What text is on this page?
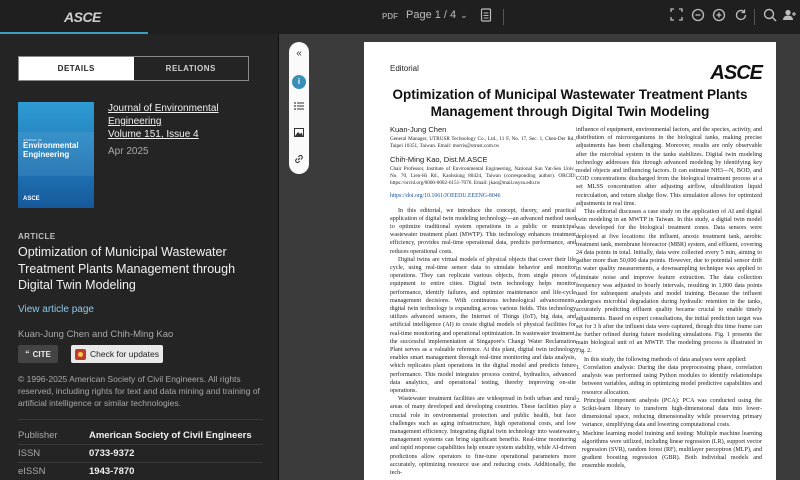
ASCE	PDF Page 1 / 4 ⌄
DETAILS	RELATIONS
JOURNAL OF
Environmental
Engineering
ASCE
Journal of Environmental
Engineering
Volume 151, Issue 4
Apr 2025
ARTICLE
Optimization of Municipal Wastewater Treatment Plants Management through Digital Twin Modeling
View article page
Kuan-Jung Chen and Chih-Ming Kao
“ CITE	Check for updates
© 1996-2025 American Society of Civil Engineers. All rights reserved, including rights for text and data mining and training of artificial intelligence or similar technologies.
Publisher	American Society of Civil Engineers
ISSN	0733-9372
eISSN	1943-7870
«
i
Editorial	ASCE
Optimization of Municipal Wastewater Treatment Plants Management through Digital Twin Modeling
Kuan-Jung Chen
General Manager, UTRUSR Technology Co., Ltd., 11 F, No. 17, Sec. 1, Chen-Der Rd., Taipei 10351, Taiwan. Email: morris@utrust.com.tw
Chih-Ming Kao, Dist.M.ASCE
Chair Professor, Institute of Environmental Engineering, National Sun Yat-Sen Univ., No. 70, Lien-Hi Rd., Kaohsiung 80424, Taiwan (corresponding author). ORCID: https://orcid.org/0000-0002-6151-7076. Email: jkao@mail.nsysu.edu.tw
https://doi.org/10.1061/JOEEDU.EEENG-8046

In this editorial, we introduce the concept, theory, and practical application of digital twin modeling technology—an advanced method used to optimize traditional system operations in a public or municipal wastewater treatment plant (MWTP). This technology enhances treatment efficiency, provides real-time operational data, predicts performance, and reduces operational costs.

Digital twins are virtual models of physical objects that cover their life cycle, using real-time sensor data to simulate behavior and monitor operations. They can replicate various objects, from single pieces of equipment to entire cities. Digital twin technology helps monitor performance, identify failures, and optimize maintenance and life-cycle management decisions. With continuous technological advancements, digital twin technology is expanding across various fields. This technology utilizes advanced sensors, the Internet of Things (IoT), big data, and artificial intelligence (AI) to create digital models of physical facilities for real-time monitoring and operational optimization. In wastewater treatment, the successful implementation at Singapore's Changi Water Reclamation Plant serves as a valuable reference. At this plant, digital twin technology enables smart management through real-time monitoring and data analysis, which replicates plant operations in the digital model and predicts future performance. This model integrates process control, hydraulics, advanced data analytics, and operational testing, thereby improving on-site operations.

Wastewater treatment facilities are widespread in both urban and rural areas of many developed and developing countries. These facilities play a crucial role in environmental protection and public health, but face challenges such as aging infrastructure, high operational costs, and low management efficiency. Integrating digital twin technology into wastewater management systems can bring significant benefits. Real-time monitoring and rapid response capabilities help ensure system stability, while AI-driven predictions allow operators to fine-tune operational parameters more accurately, optimizing resource use and reducing costs. Additionally, the tech-

influence of equipment, environmental factors, and the species, activity, and distribution of microorganisms in the biological tanks, making precise adjustments has been challenging. Moreover, results are only observable after the microbial system in the tanks stabilizes. Digital twin modeling technology addresses this through advanced modeling by identifying key model objects and influencing factors. It can estimate NH3—N, BOD, and COD concentrations discharged from the biological treatment process at a set MLSS concentration after adjusting airflow, ultrafiltration liquid recirculation, and return sludge flow. This simulation allows for optimized adjustments in real time.

This editorial discusses a case study on the application of AI and digital twin modeling in an MWTP in Taiwan. In this study, a digital twin model was developed for the biological treatment zones. Data sensors were deployed at five locations: the influent, anoxic treatment tank, aerobic treatment tank, membrane bioreactor (MBR) system, and effluent, covering 24 data points in total. Initially, data were collected every 5 min, aiming to gather more than 50,000 data points. However, due to potential sensor drift in water quality measurements, a downsampling technique was applied to eliminate noise and improve feature extraction. The data collection frequency was adjusted to hourly intervals, resulting in 1,800 data points used for subsequent analysis and model training. Because the influent undergoes microbial degradation during hydraulic retention in the tanks, accurately predicting effluent quality became crucial to enable timely adjustments. Based on expert consultations, the initial prediction target was set for 3 h after the influent data were captured, though this time frame can be further refined during future modeling simulations. Fig. 1 presents the main biological unit of an MWTP. The modeling process is illustrated in Fig. 2.

In this study, the following methods of data analyses were applied:

1. Correlation analysis: During the data preprocessing phase, correlation analysis was performed using Python modules to identify relationships between variables, aiding in optimizing model predictive capabilities and resource allocation.

2. Principal component analysis (PCA): PCA was conducted using the Scikit-learn library to transform high-dimensional data into lower-dimensional space, reducing dimensionality while preserving primary variance, simplifying data and lowering computational costs.

3. Machine learning model training and testing: Multiple machine learning algorithms were utilized, including linear regression (LR), support vector regression (SVR), random forest (RF), multilayer perceptron (MLP), and gradient boosting regression (GBR). Both individual models and ensemble models,
